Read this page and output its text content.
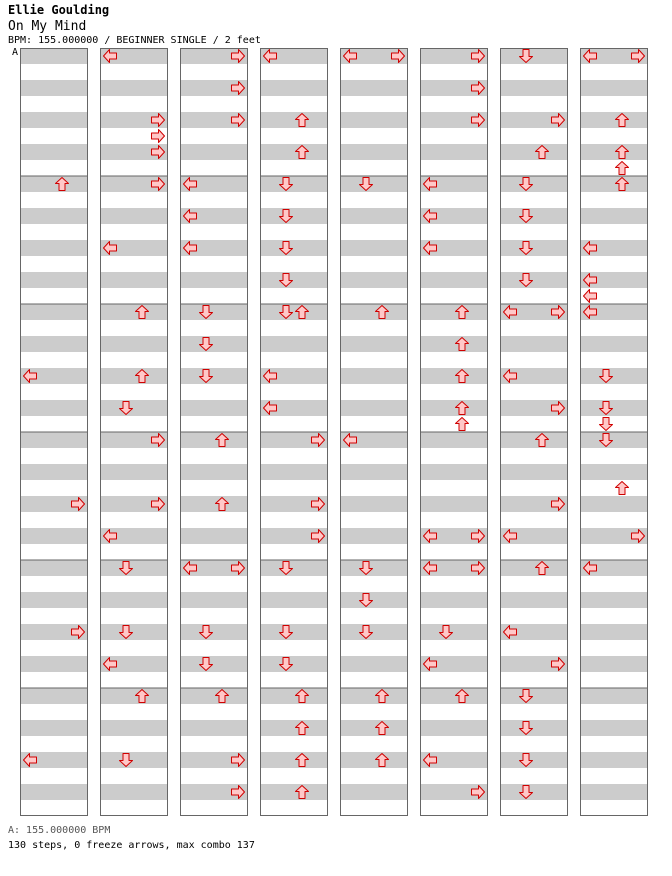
Ellie Goulding
On My Mind
BPM: 155.000000 / BEGINNER SINGLE / 2 feet
A
A: 155.000000 BPM
130 steps, 0 freeze arrows, max combo 137
